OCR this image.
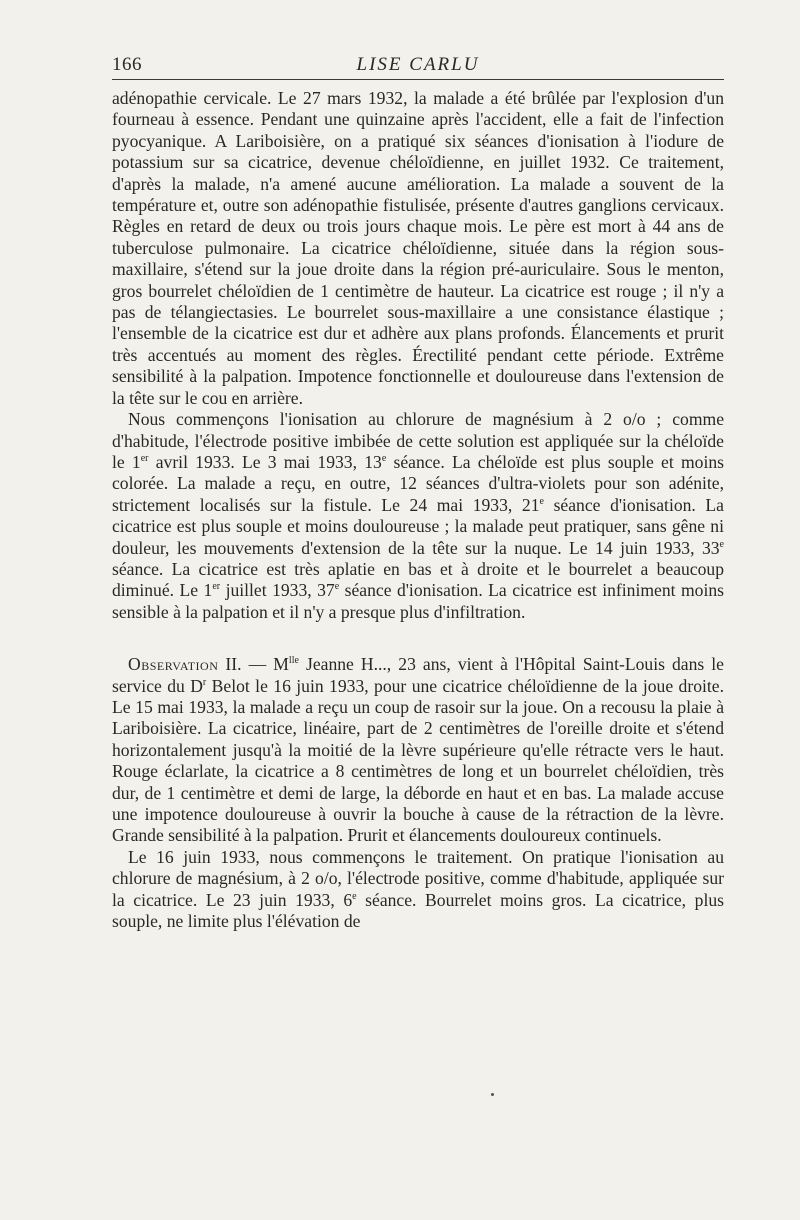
166	LISE CARLU

adénopathie cervicale. Le 27 mars 1932, la malade a été brûlée par l'explosion d'un fourneau à essence. Pendant une quinzaine après l'accident, elle a fait de l'infection pyocyanique. A Lariboisière, on a pratiqué six séances d'ionisation à l'iodure de potassium sur sa cicatrice, devenue chéloïdienne, en juillet 1932. Ce traitement, d'après la malade, n'a amené aucune amélioration. La malade a souvent de la température et, outre son adénopathie fistulisée, présente d'autres ganglions cervicaux. Règles en retard de deux ou trois jours chaque mois. Le père est mort à 44 ans de tuberculose pulmonaire. La cicatrice chéloïdienne, située dans la région sous-maxillaire, s'étend sur la joue droite dans la région pré-auriculaire. Sous le menton, gros bourrelet chéloïdien de 1 centimètre de hauteur. La cicatrice est rouge ; il n'y a pas de télangiectasies. Le bourrelet sous-maxillaire a une consistance élastique ; l'ensemble de la cicatrice est dur et adhère aux plans profonds. Élancements et prurit très accentués au moment des règles. Érectilité pendant cette période. Extrême sensibilité à la palpation. Impotence fonctionnelle et douloureuse dans l'extension de la tête sur le cou en arrière.

Nous commençons l'ionisation au chlorure de magnésium à 2 o/o ; comme d'habitude, l'électrode positive imbibée de cette solution est appliquée sur la chéloïde le 1er avril 1933. Le 3 mai 1933, 13e séance. La chéloïde est plus souple et moins colorée. La malade a reçu, en outre, 12 séances d'ultra-violets pour son adénite, strictement localisés sur la fistule. Le 24 mai 1933, 21e séance d'ionisation. La cicatrice est plus souple et moins douloureuse ; la malade peut pratiquer, sans gêne ni douleur, les mouvements d'extension de la tête sur la nuque. Le 14 juin 1933, 33e séance. La cicatrice est très aplatie en bas et à droite et le bourrelet a beaucoup diminué. Le 1er juillet 1933, 37e séance d'ionisation. La cicatrice est infiniment moins sensible à la palpation et il n'y a presque plus d'infiltration.

Observation II. — $M^{lle}$ Jeanne H..., 23 ans, vient à l'Hôpital Saint-Louis dans le service du $D^r$ Belot le 16 juin 1933, pour une cicatrice chéloïdienne de la joue droite. Le 15 mai 1933, la malade a reçu un coup de rasoir sur la joue. On a recousu la plaie à Lariboisière. La cicatrice, linéaire, part de 2 centimètres de l'oreille droite et s'étend horizontalement jusqu'à la moitié de la lèvre supérieure qu'elle rétracte vers le haut. Rouge éclarlate, la cicatrice a 8 centimètres de long et un bourrelet chéloïdien, très dur, de 1 centimètre et demi de large, la déborde en haut et en bas. La malade accuse une impotence douloureuse à ouvrir la bouche à cause de la rétraction de la lèvre. Grande sensibilité à la palpation. Prurit et élancements douloureux continuels.

Le 16 juin 1933, nous commençons le traitement. On pratique l'ionisation au chlorure de magnésium, à 2 o/o, l'électrode positive, comme d'habitude, appliquée sur la cicatrice. Le 23 juin 1933, 6e séance. Bourrelet moins gros. La cicatrice, plus souple, ne limite plus l'élévation de
